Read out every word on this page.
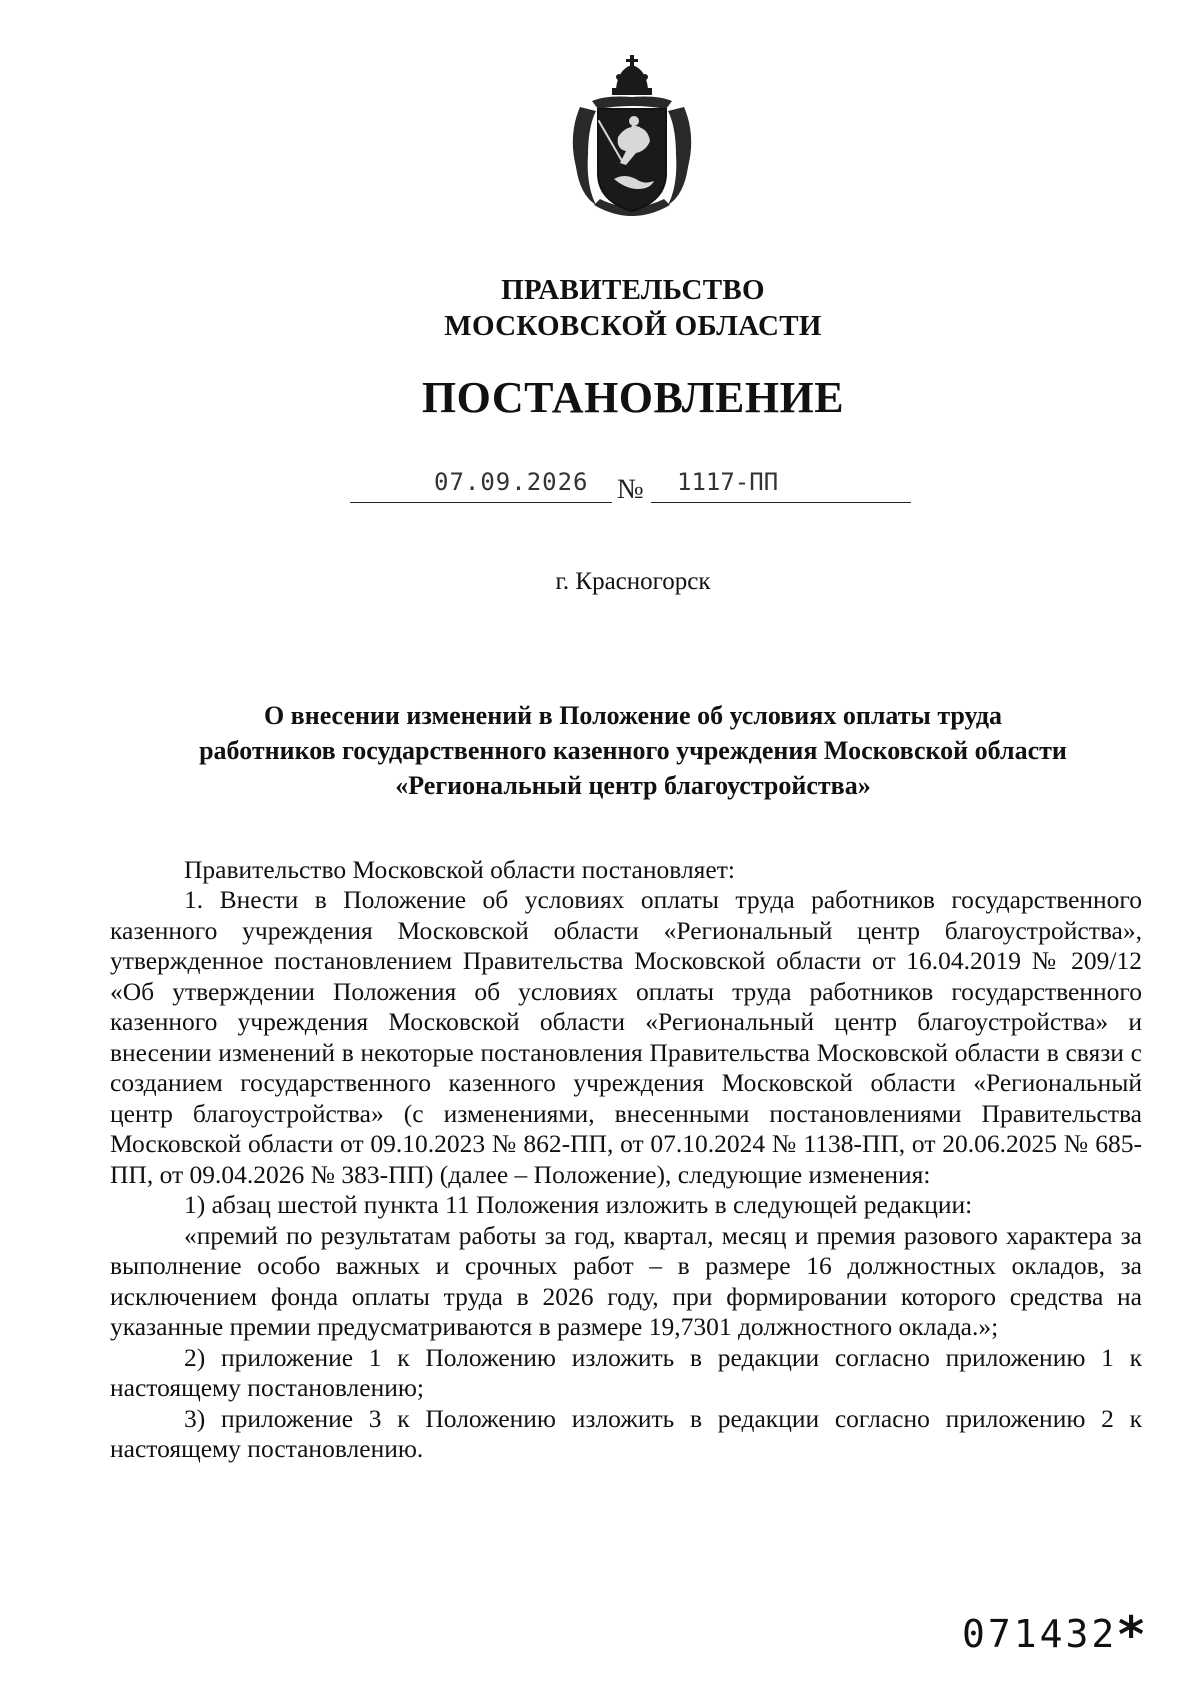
ПРАВИТЕЛЬСТВО
МОСКОВСКОЙ ОБЛАСТИ
ПОСТАНОВЛЕНИЕ
07.09.2026 № 1117-ПП
г. Красногорск
О внесении изменений в Положение об условиях оплаты труда
работников государственного казенного учреждения Московской области
«Региональный центр благоустройства»

Правительство Московской области постановляет:

1. Внести в Положение об условиях оплаты труда работников государственного казенного учреждения Московской области «Региональный центр благоустройства», утвержденное постановлением Правительства Московской области от 16.04.2019 № 209/12 «Об утверждении Положения об условиях оплаты труда работников государственного казенного учреждения Московской области «Региональный центр благоустройства» и внесении изменений в некоторые постановления Правительства Московской области в связи с созданием государственного казенного учреждения Московской области «Региональный центр благоустройства» (с изменениями, внесенными постановлениями Правительства Московской области от 09.10.2023 № 862-ПП, от 07.10.2024 № 1138-ПП, от 20.06.2025 № 685-ПП, от 09.04.2026 № 383-ПП) (далее – Положение), следующие изменения:

1) абзац шестой пункта 11 Положения изложить в следующей редакции:

«премий по результатам работы за год, квартал, месяц и премия разового характера за выполнение особо важных и срочных работ – в размере 16 должностных окладов, за исключением фонда оплаты труда в 2026 году, при формировании которого средства на указанные премии предусматриваются в размере 19,7301 должностного оклада.»;

2) приложение 1 к Положению изложить в редакции согласно приложению 1 к настоящему постановлению;

3) приложение 3 к Положению изложить в редакции согласно приложению 2 к настоящему постановлению.

071432 *
